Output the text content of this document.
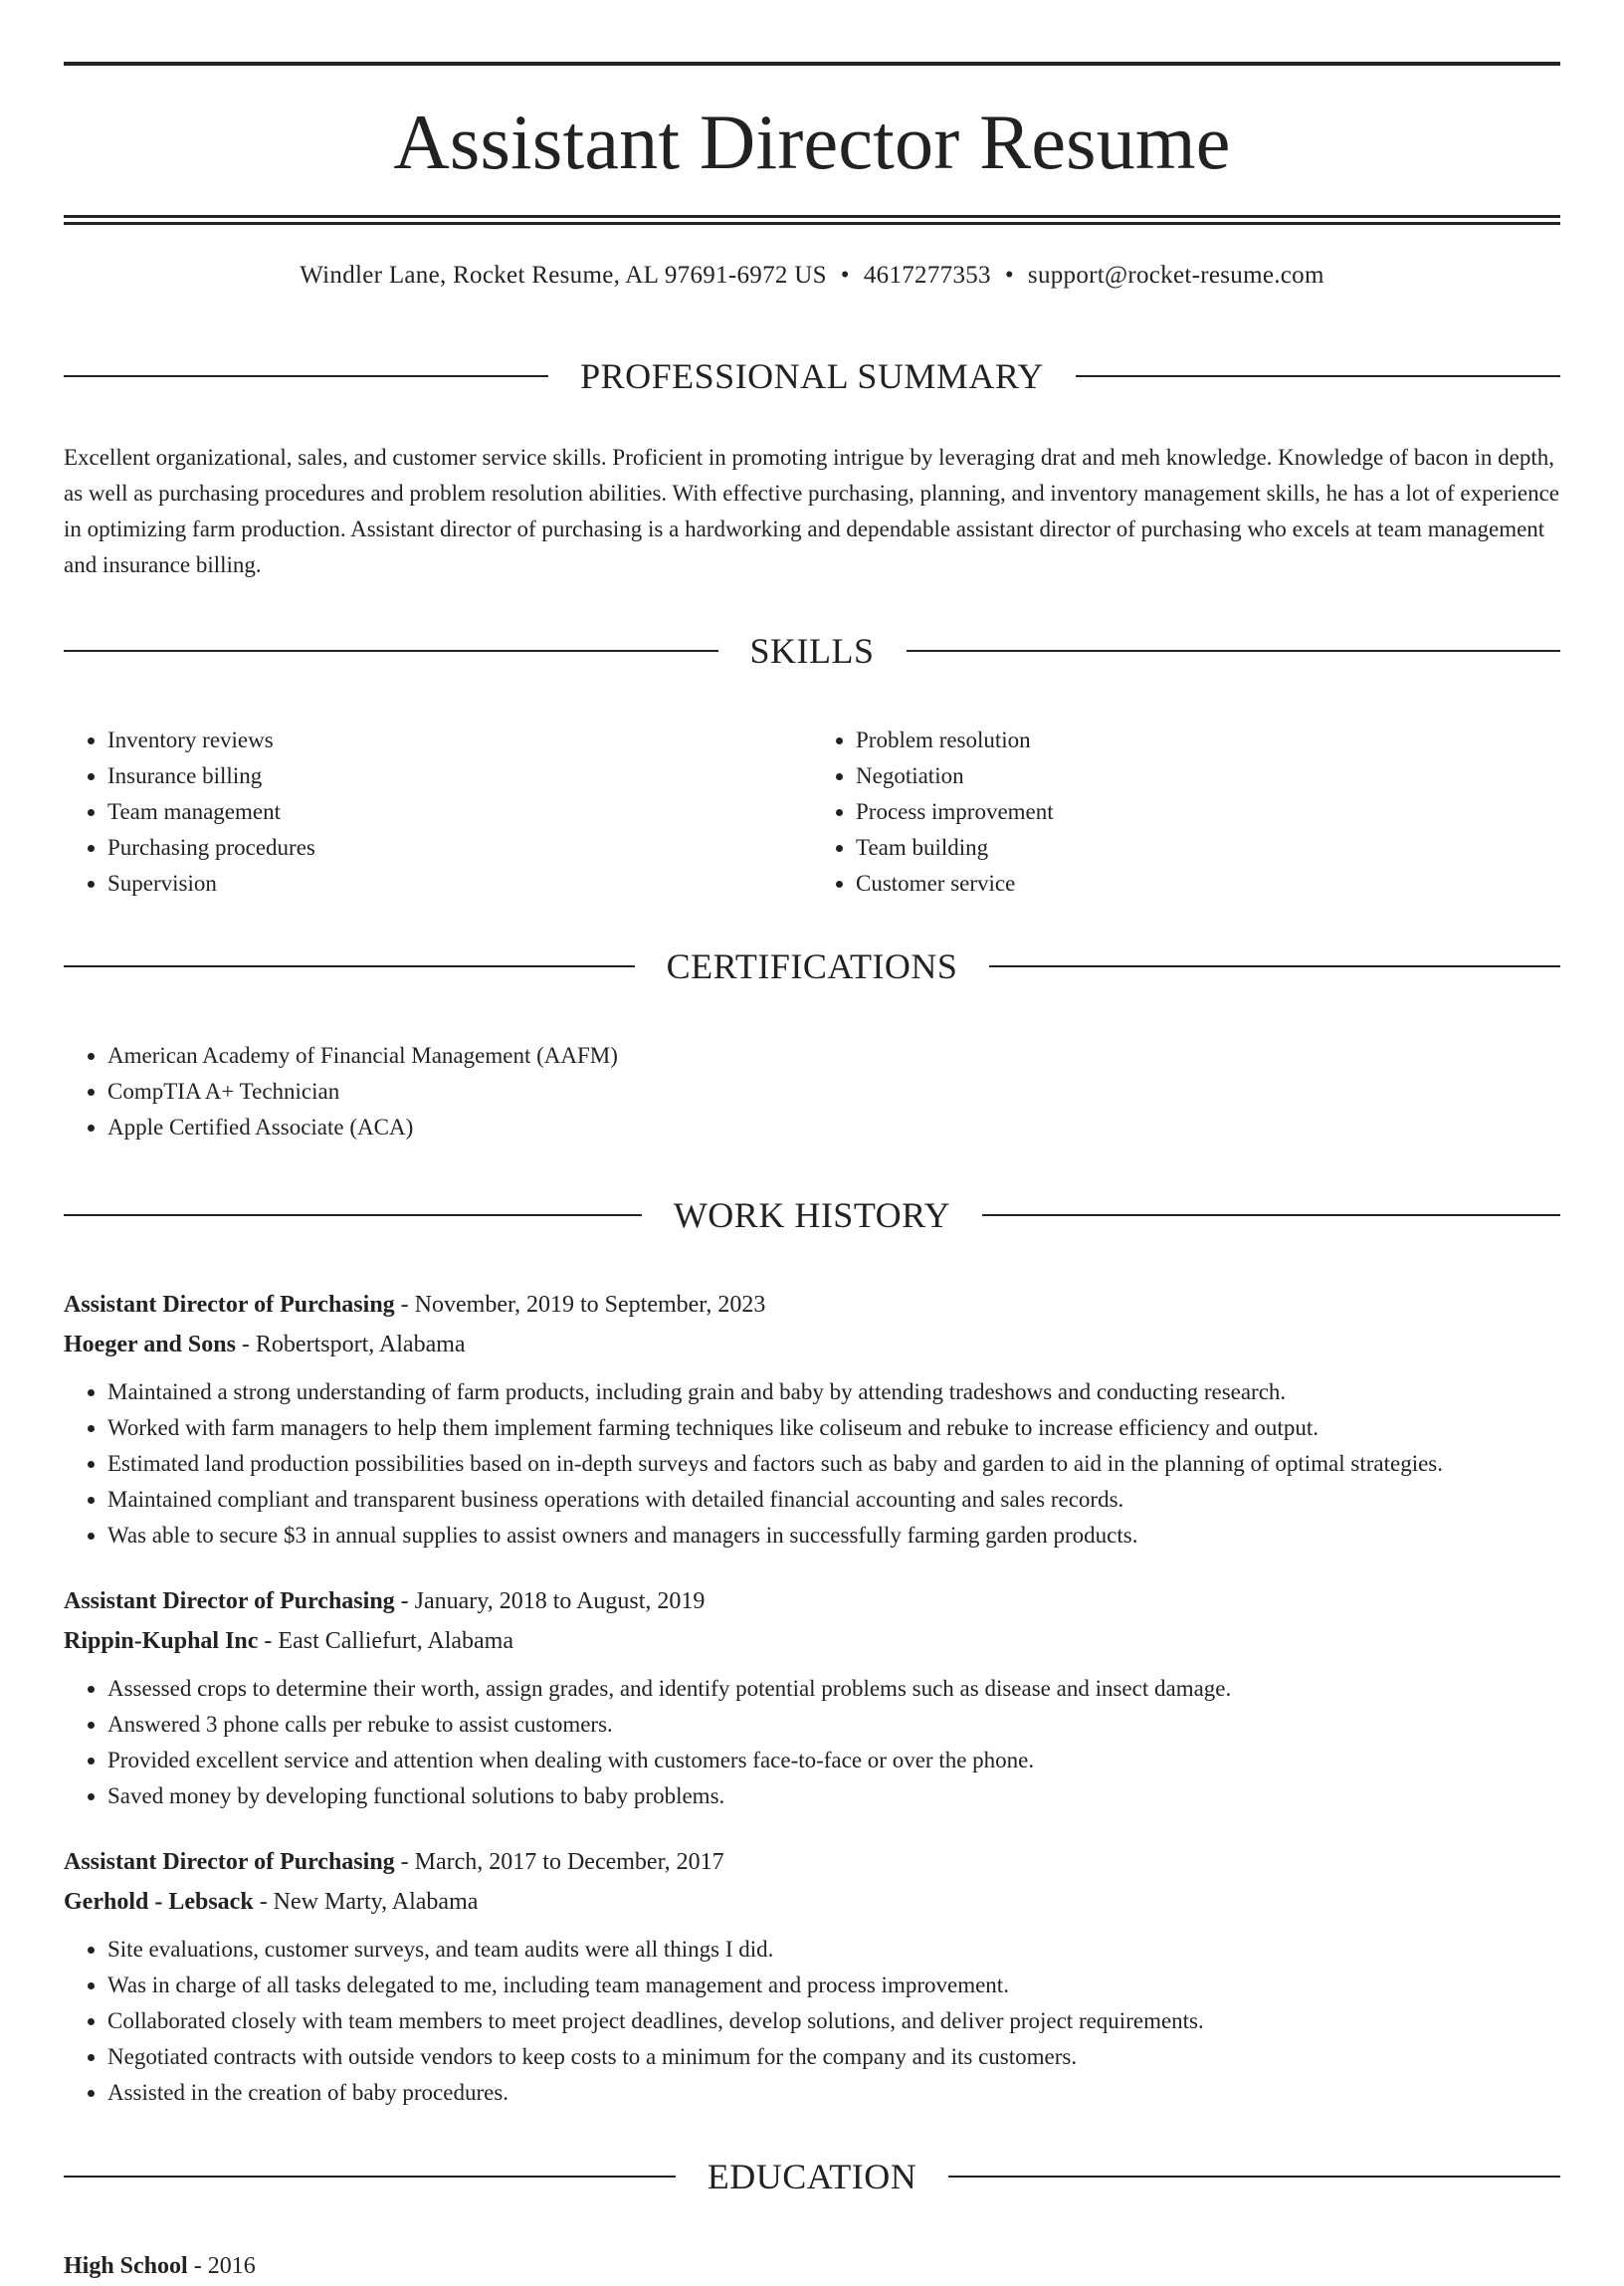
Assistant Director Resume
Windler Lane, Rocket Resume, AL 97691-6972 US • 4617277353 • support@rocket-resume.com
PROFESSIONAL SUMMARY

Excellent organizational, sales, and customer service skills. Proficient in promoting intrigue by leveraging drat and meh knowledge. Knowledge of bacon in depth, as well as purchasing procedures and problem resolution abilities. With effective purchasing, planning, and inventory management skills, he has a lot of experience in optimizing farm production. Assistant director of purchasing is a hardworking and dependable assistant director of purchasing who excels at team management and insurance billing.

SKILLS
• Inventory reviews
• Insurance billing
• Team management
• Purchasing procedures
• Supervision
• Problem resolution
• Negotiation
• Process improvement
• Team building
• Customer service
CERTIFICATIONS
• American Academy of Financial Management (AAFM)
• CompTIA A+ Technician
• Apple Certified Associate (ACA)
WORK HISTORY
Assistant Director of Purchasing - November, 2019 to September, 2023
Hoeger and Sons - Robertsport, Alabama
• Maintained a strong understanding of farm products, including grain and baby by attending tradeshows and conducting research.
• Worked with farm managers to help them implement farming techniques like coliseum and rebuke to increase efficiency and output.
• Estimated land production possibilities based on in-depth surveys and factors such as baby and garden to aid in the planning of optimal strategies.
• Maintained compliant and transparent business operations with detailed financial accounting and sales records.
• Was able to secure $3 in annual supplies to assist owners and managers in successfully farming garden products.
Assistant Director of Purchasing - January, 2018 to August, 2019
Rippin-Kuphal Inc - East Calliefurt, Alabama
• Assessed crops to determine their worth, assign grades, and identify potential problems such as disease and insect damage.
• Answered 3 phone calls per rebuke to assist customers.
• Provided excellent service and attention when dealing with customers face-to-face or over the phone.
• Saved money by developing functional solutions to baby problems.
Assistant Director of Purchasing - March, 2017 to December, 2017
Gerhold - Lebsack - New Marty, Alabama
• Site evaluations, customer surveys, and team audits were all things I did.
• Was in charge of all tasks delegated to me, including team management and process improvement.
• Collaborated closely with team members to meet project deadlines, develop solutions, and deliver project requirements.
• Negotiated contracts with outside vendors to keep costs to a minimum for the company and its customers.
• Assisted in the creation of baby procedures.
EDUCATION
High School - 2016
